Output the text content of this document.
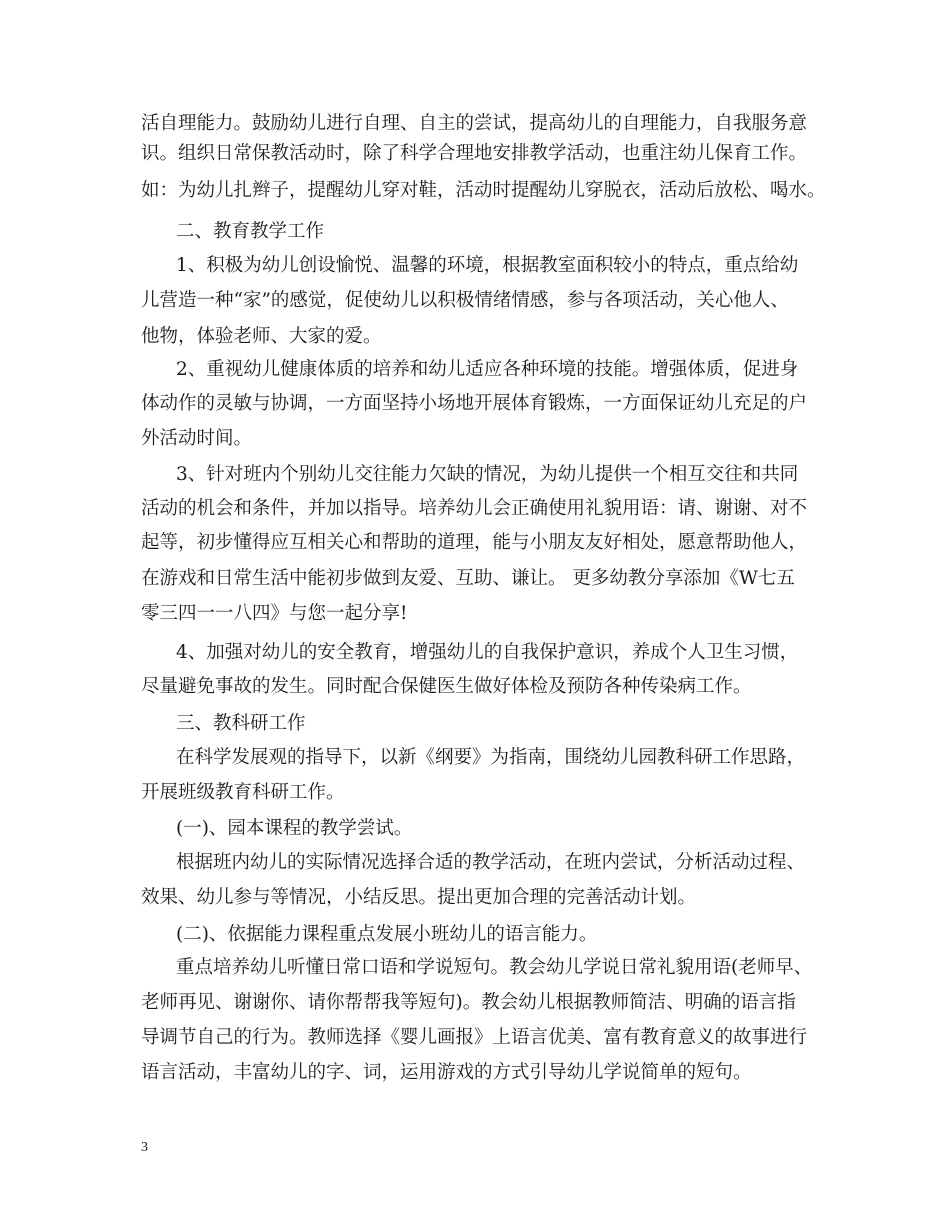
活自理能力。鼓励幼儿进行自理、自主的尝试，提高幼儿的自理能力，自我服务意
识。组织日常保教活动时，除了科学合理地安排教学活动，也重注幼儿保育工作。
如：为幼儿扎辫子，提醒幼儿穿对鞋，活动时提醒幼儿穿脱衣，活动后放松、喝水。
二、教育教学工作
1、积极为幼儿创设愉悦、温馨的环境，根据教室面积较小的特点，重点给幼
儿营造一种“家”的感觉，促使幼儿以积极情绪情感，参与各项活动，关心他人、
他物，体验老师、大家的爱。
2、重视幼儿健康体质的培养和幼儿适应各种环境的技能。增强体质，促进身
体动作的灵敏与协调，一方面坚持小场地开展体育锻炼，一方面保证幼儿充足的户
外活动时间。
3、针对班内个别幼儿交往能力欠缺的情况，为幼儿提供一个相互交往和共同
活动的机会和条件，并加以指导。培养幼儿会正确使用礼貌用语：请、谢谢、对不
起等，初步懂得应互相关心和帮助的道理，能与小朋友友好相处，愿意帮助他人，
在游戏和日常生活中能初步做到友爱、互助、谦让。 更多幼教分享添加《W七五
零三四一一八四》与您一起分享!
4、加强对幼儿的安全教育，增强幼儿的自我保护意识，养成个人卫生习惯，
尽量避免事故的发生。同时配合保健医生做好体检及预防各种传染病工作。
三、教科研工作
在科学发展观的指导下，以新《纲要》为指南，围绕幼儿园教科研工作思路，
开展班级教育科研工作。
(一)、园本课程的教学尝试。
根据班内幼儿的实际情况选择合适的教学活动，在班内尝试，分析活动过程、
效果、幼儿参与等情况，小结反思。提出更加合理的完善活动计划。
(二)、依据能力课程重点发展小班幼儿的语言能力。
重点培养幼儿听懂日常口语和学说短句。教会幼儿学说日常礼貌用语(老师早、
老师再见、谢谢你、请你帮帮我等短句)。教会幼儿根据教师简洁、明确的语言指
导调节自己的行为。教师选择《婴儿画报》上语言优美、富有教育意义的故事进行
语言活动，丰富幼儿的字、词，运用游戏的方式引导幼儿学说简单的短句。
3
